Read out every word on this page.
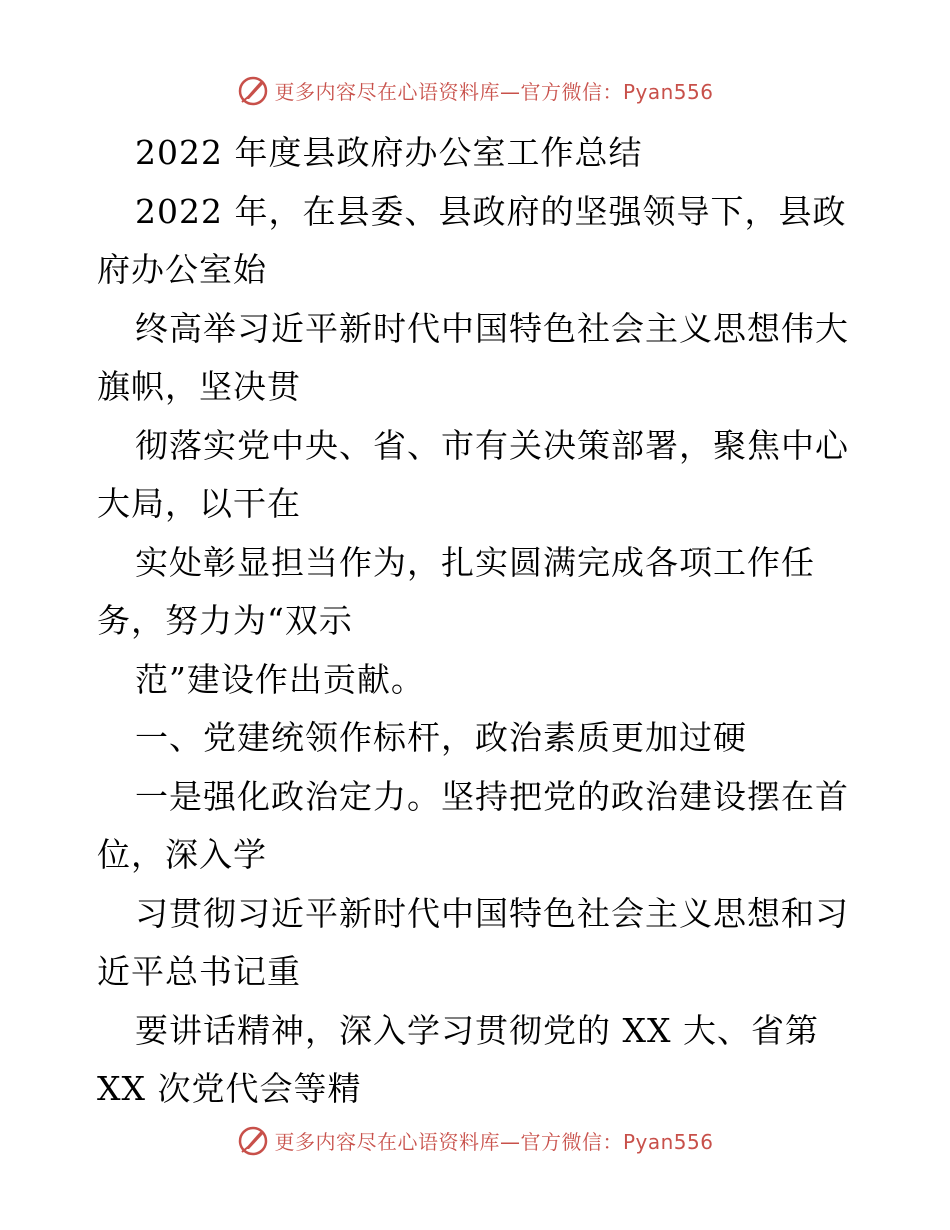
更多内容尽在心语资料库—官方微信：Pyan556
2022 年度县政府办公室工作总结
2022 年，在县委、县政府的坚强领导下，县政
府办公室始
终高举习近平新时代中国特色社会主义思想伟大
旗帜，坚决贯
彻落实党中央、省、市有关决策部署，聚焦中心
大局，以干在
实处彰显担当作为，扎实圆满完成各项工作任
务，努力为“双示
范”建设作出贡献。
一、党建统领作标杆，政治素质更加过硬
一是强化政治定力。坚持把党的政治建设摆在首
位，深入学
习贯彻习近平新时代中国特色社会主义思想和习
近平总书记重
要讲话精神，深入学习贯彻党的 XX 大、省第
XX 次党代会等精
更多内容尽在心语资料库—官方微信：Pyan556
